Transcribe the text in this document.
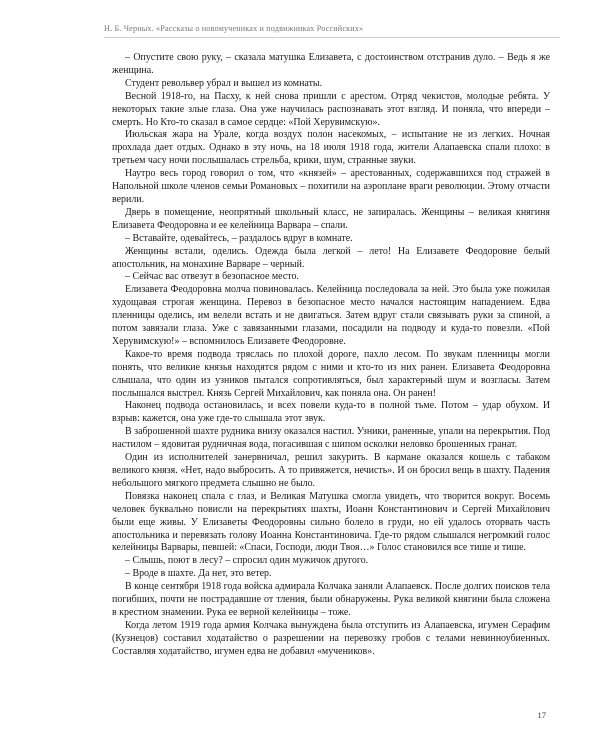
Н. Б. Черных. «Рассказы о новомучениках и подвижниках Российских»

– Опустите свою руку, – сказала матушка Елизавета, с достоинством отстранив дуло. – Ведь я же женщина.

Студент револьвер убрал и вышел из комнаты.

Весной 1918-го, на Пасху, к ней снова пришли с арестом. Отряд чекистов, молодые ребята. У некоторых такие злые глаза. Она уже научилась распознавать этот взгляд. И поняла, что впереди – смерть. Но Кто-то сказал в самое сердце: «Пой Херувимскую».

Июльская жара на Урале, когда воздух полон насекомых, – испытание не из легких. Ночная прохлада дает отдых. Однако в эту ночь, на 18 июля 1918 года, жители Алапаевска спали плохо: в третьем часу ночи послышалась стрельба, крики, шум, странные звуки.

Наутро весь город говорил о том, что «князей» – арестованных, содержавшихся под стражей в Напольной школе членов семьи Романовых – похитили на аэроплане враги революции. Этому отчасти верили.

Дверь в помещение, неопрятный школьный класс, не запиралась. Женщины – великая княгиня Елизавета Феодоровна и ее келейница Варвара – спали.

– Вставайте, одевайтесь, – раздалось вдруг в комнате.

Женщины встали, оделись. Одежда была легкой – лето! На Елизавете Феодоровне белый апостольник, на монахине Варваре – черный.

– Сейчас вас отвезут в безопасное место.

Елизавета Феодоровна молча повиновалась. Келейница последовала за ней. Это была уже пожилая худощавая строгая женщина. Перевоз в безопасное место начался настоящим нападением. Едва пленницы оделись, им велели встать и не двигаться. Затем вдруг стали связывать руки за спиной, а потом завязали глаза. Уже с завязанными глазами, посадили на подводу и куда-то повезли. «Пой Херувимскую!» – вспомнилось Елизавете Феодоровне.

Какое-то время подвода тряслась по плохой дороге, пахло лесом. По звукам пленницы могли понять, что великие князья находятся рядом с ними и кто-то из них ранен. Елизавета Феодоровна слышала, что один из узников пытался сопротивляться, был характерный шум и возгласы. Затем послышался выстрел. Князь Сергей Михайлович, как поняла она. Он ранен!

Наконец подвода остановилась, и всех повели куда-то в полной тьме. Потом – удар обухом. И взрыв: кажется, она уже где-то слышала этот звук.

В заброшенной шахте рудника внизу оказался настил. Узники, раненные, упали на перекрытия. Под настилом – ядовитая рудничная вода, погасившая с шипом осколки неловко брошенных гранат.

Один из исполнителей занервничал, решил закурить. В кармане оказался кошель с табаком великого князя. «Нет, надо выбросить. А то привяжется, нечисть». И он бросил вещь в шахту. Падения небольшого мягкого предмета слышно не было.

Повязка наконец спала с глаз, и Великая Матушка смогла увидеть, что творится вокруг. Восемь человек буквально повисли на перекрытиях шахты, Иоанн Константинович и Сергей Михайлович были еще живы. У Елизаветы Феодоровны сильно болело в груди, но ей удалось оторвать часть апостольника и перевязать голову Иоанна Константиновича. Где-то рядом слышался негромкий голос келейницы Варвары, певшей: «Спаси, Господи, люди Твоя…» Голос становился все тише и тише.

– Слышь, поют в лесу? – спросил один мужичок другого.

– Вроде в шахте. Да нет, это ветер.

В конце сентября 1918 года войска адмирала Колчака заняли Алапаевск. После долгих поисков тела погибших, почти не пострадавшие от тления, были обнаружены. Рука великой княгини была сложена в крестном знамении. Рука ее верной келейницы – тоже.

Когда летом 1919 года армия Колчака вынуждена была отступить из Алапаевска, игумен Серафим (Кузнецов) составил ходатайство о разрешении на перевозку гробов с телами невинноубиенных. Составляя ходатайство, игумен едва не добавил «мучеников».

17
